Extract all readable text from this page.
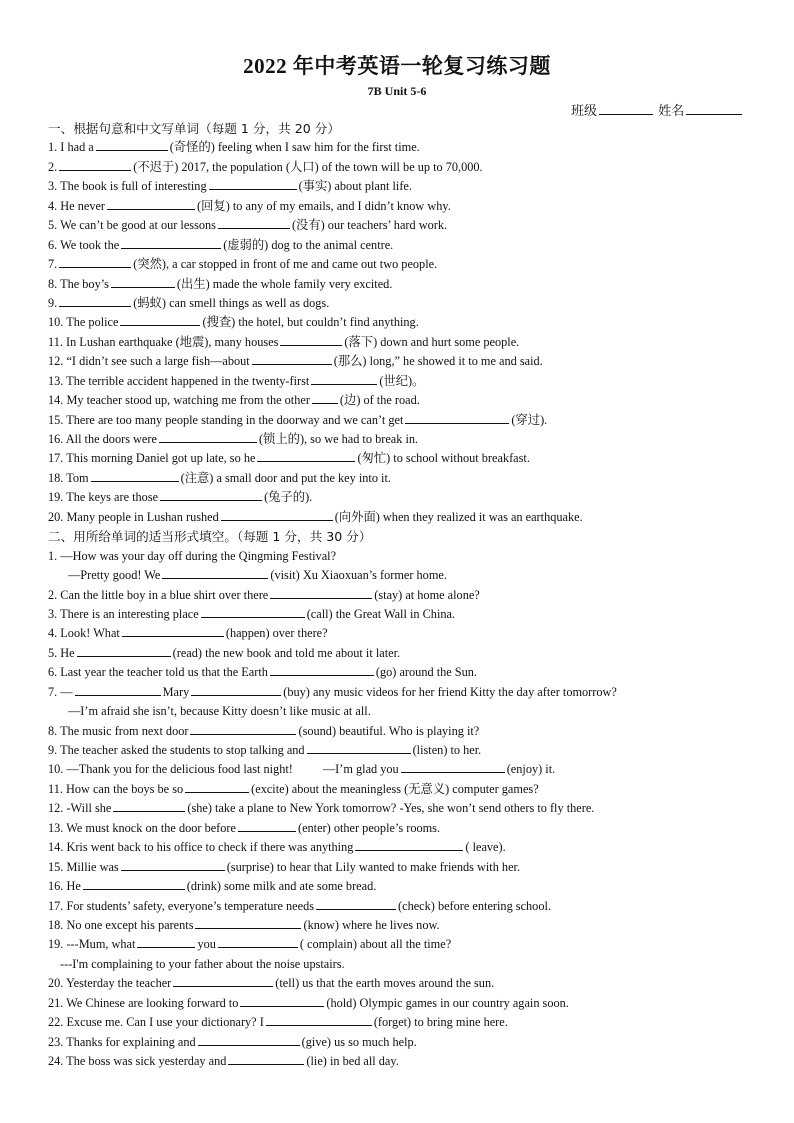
2022 年中考英语一轮复习练习题
7B Unit 5-6
班级	姓名
一、根据句意和中文写单词（每题 1 分，共 20 分）
1. I had a	(奇怪的) feeling when I saw him for the first time.
2.	(不迟于) 2017, the population (人口) of the town will be up to 70,000.
3. The book is full of interesting	(事实) about plant life.
4. He never	(回复) to any of my emails, and I didn’t know why.
5. We can’t be good at our lessons	(没有) our teachers’ hard work.
6. We took the	(虚弱的) dog to the animal centre.
7.	(突然), a car stopped in front of me and came out two people.
8. The boy’s	(出生) made the whole family very excited.
9.	(蚂蚁) can smell things as well as dogs.
10. The police	(搜查) the hotel, but couldn’t find anything.
11. In Lushan earthquake (地震), many houses	(落下) down and hurt some people.
12. “I didn’t see such a large fish—about	(那么) long,” he showed it to me and said.
13. The terrible accident happened in the twenty-first	(世纪)。
14. My teacher stood up, watching me from the other (边) of the road.
15. There are too many people standing in the doorway and we can’t get	(穿过).
16. All the doors were	(锁上的), so we had to break in.
17. This morning Daniel got up late, so he	(匆忙) to school without breakfast.
18. Tom	(注意) a small door and put the key into it.
19. The keys are those	(兔子的).
20. Many people in Lushan rushed	(向外面) when they realized it was an earthquake.
二、用所给单词的适当形式填空。（每题 1 分，共 30 分）
1. —How was your day off during the Qingming Festival?
—Pretty good! We	(visit) Xu Xiaoxuan’s former home.
2. Can the little boy in a blue shirt over there	(stay) at home alone?
3. There is an interesting place	(call) the Great Wall in China.
4. Look! What	(happen) over there?
5. He	(read) the new book and told me about it later.
6. Last year the teacher told us that the Earth	(go) around the Sun.
7. —	Mary	(buy) any music videos for her friend Kitty the day after tomorrow?
—I’m afraid she isn’t, because Kitty doesn’t like music at all.
8. The music from next door	(sound) beautiful. Who is playing it?
9. The teacher asked the students to stop talking and	(listen) to her.
10. —Thank you for the delicious food last night! —I’m glad you	(enjoy) it.
11. How can the boys be so	(excite) about the meaningless (无意义) computer games?
12. -Will she	(she) take a plane to New York tomorrow? -Yes, she won’t send others to fly there.
13. We must knock on the door before	(enter) other people’s rooms.
14. Kris went back to his office to check if there was anything	( leave).
15. Millie was	(surprise) to hear that Lily wanted to make friends with her.
16. He	(drink) some milk and ate some bread.
17. For students’ safety, everyone’s temperature needs	(check) before entering school.
18. No one except his parents	(know) where he lives now.
19. ---Mum, what	you	( complain) about all the time?
---I'm complaining to your father about the noise upstairs.
20. Yesterday the teacher	(tell) us that the earth moves around the sun.
21. We Chinese are looking forward to	(hold) Olympic games in our country again soon.
22. Excuse me. Can I use your dictionary? I	(forget) to bring mine here.
23. Thanks for explaining and	(give) us so much help.
24. The boss was sick yesterday and	(lie) in bed all day.
